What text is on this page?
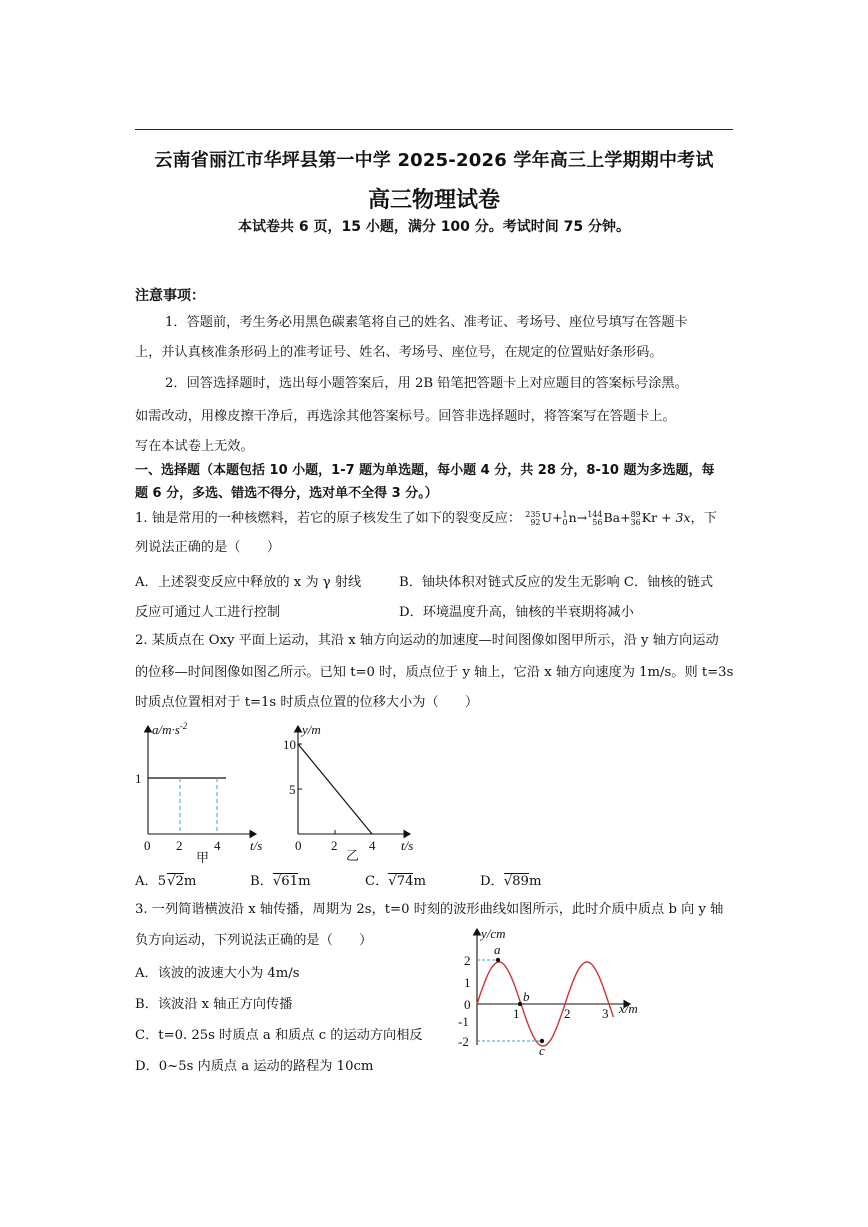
云南省丽江市华坪县第一中学 2025-2026 学年高三上学期期中考试
高三物理试卷
本试卷共 6 页，15 小题，满分 100 分。考试时间 75 分钟。
注意事项：
1．答题前，考生务必用黑色碳素笔将自己的姓名、准考证、考场号、座位号填写在答题卡
上，并认真核准条形码上的准考证号、姓名、考场号、座位号，在规定的位置贴好条形码。
2．回答选择题时，选出每小题答案后，用 2B 铅笔把答题卡上对应题目的答案标号涂黑。
如需改动，用橡皮擦干净后，再选涂其他答案标号。回答非选择题时，将答案写在答题卡上。
写在本试卷上无效。
一、选择题（本题包括 10 小题，1-7 题为单选题，每小题 4 分，共 28 分，8-10 题为多选题，每
题 6 分，多选、错选不得分，选对单不全得 3 分。）
1. 铀是常用的一种核燃料，若它的原子核发生了如下的裂变反应： 235
92U+1
0n→144
56Ba+89
36Kr + 3x，下
列说法正确的是（　　）
A．上述裂变反应中释放的 x 为 γ 射线	B．铀块体积对链式反应的发生无影响 C．铀核的链式
反应可通过人工进行控制	D．环境温度升高，铀核的半衰期将减小
2. 某质点在 Oxy 平面上运动，其沿 x 轴方向运动的加速度—时间图像如图甲所示，沿 y 轴方向运动
的位移—时间图像如图乙所示。已知 t=0 时，质点位于 y 轴上，它沿 x 轴方向速度为 1m/s。则 t=3s
时质点位置相对于 t=1s 时质点位置的位移大小为（　　）
$a/m\cdot s^{-2}$
1
0 2 4 t/s
甲
y/m
10
5
0 2 4 t/s
乙
A．5√2m	B．√61m	C．√74m	D．√89m
3. 一列简谐横波沿 x 轴传播，周期为 2s，t=0 时刻的波形曲线如图所示，此时介质中质点 b 向 y 轴
负方向运动，下列说法正确的是（　　）
A．该波的波速大小为 4m/s
B．该波沿 x 轴正方向传播
C．t=0. 25s 时质点 a 和质点 c 的运动方向相反
D．0~5s 内质点 a 运动的路程为 10cm
y/cm
2
1
0
-1
-2
1	2 3 x/m
a
b
c
